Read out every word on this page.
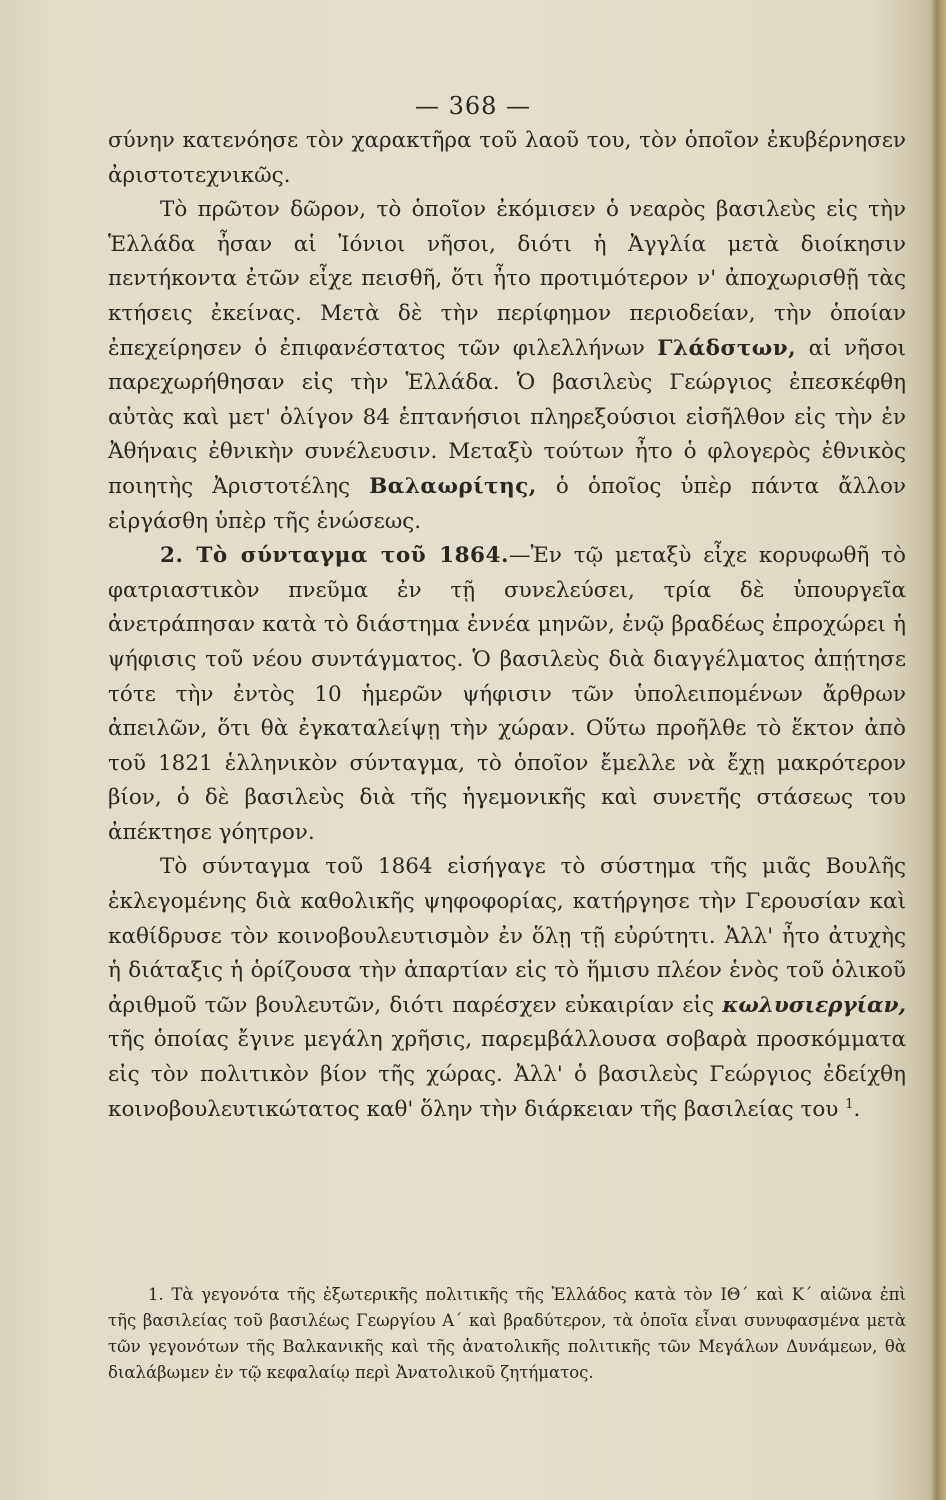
— 368 —

σύνην κατενόησε τὸν χαρακτῆρα τοῦ λαοῦ του, τὸν ὁποῖον ἐκυβέρνησεν ἀριστοτεχνικῶς.

Τὸ πρῶτον δῶρον, τὸ ὁποῖον ἐκόμισεν ὁ νεαρὸς βασιλεὺς εἰς τὴν Ἑλλάδα ἦσαν αἱ Ἰόνιοι νῆσοι, διότι ἡ Ἀγγλία μετὰ διοίκησιν πεντήκοντα ἐτῶν εἶχε πεισθῆ, ὅτι ἦτο προτιμότερον ν' ἀποχωρισθῇ τὰς κτήσεις ἐκείνας. Μετὰ δὲ τὴν περίφημον περιοδείαν, τὴν ὁποίαν ἐπεχείρησεν ὁ ἐπιφανέστατος τῶν φιλελλήνων Γλάδστων, αἱ νῆσοι παρεχωρήθησαν εἰς τὴν Ἑλλάδα. Ὁ βασιλεὺς Γεώργιος ἐπεσκέφθη αὐτὰς καὶ μετ' ὀλίγον 84 ἑπτανήσιοι πληρεξούσιοι εἰσῆλθον εἰς τὴν ἐν Ἀθήναις ἐθνικὴν συνέλευσιν. Μεταξὺ τούτων ἦτο ὁ φλογερὸς ἐθνικὸς ποιητὴς Ἀριστοτέλης Βαλαωρίτης, ὁ ὁποῖος ὑπὲρ πάντα ἄλλον εἰργάσθη ὑπὲρ τῆς ἑνώσεως.

2. Τὸ σύνταγμα τοῦ 1864.—Ἐν τῷ μεταξὺ εἶχε κορυφωθῆ τὸ φατριαστικὸν πνεῦμα ἐν τῇ συνελεύσει, τρία δὲ ὑπουργεῖα ἀνετράπησαν κατὰ τὸ διάστημα ἐννέα μηνῶν, ἐνῷ βραδέως ἐπροχώρει ἡ ψήφισις τοῦ νέου συντάγματος. Ὁ βασιλεὺς διὰ διαγγέλματος ἀπῄτησε τότε τὴν ἐντὸς 10 ἡμερῶν ψήφισιν τῶν ὑπολειπομένων ἄρθρων ἀπειλῶν, ὅτι θὰ ἐγκαταλείψῃ τὴν χώραν. Οὕτω προῆλθε τὸ ἕκτον ἀπὸ τοῦ 1821 ἑλληνικὸν σύνταγμα, τὸ ὁποῖον ἔμελλε νὰ ἔχῃ μακρότερον βίον, ὁ δὲ βασιλεὺς διὰ τῆς ἡγεμονικῆς καὶ συνετῆς στάσεως του ἀπέκτησε γόητρον.

Τὸ σύνταγμα τοῦ 1864 εἰσήγαγε τὸ σύστημα τῆς μιᾶς Βουλῆς ἐκλεγομένης διὰ καθολικῆς ψηφοφορίας, κατήργησε τὴν Γερουσίαν καὶ καθίδρυσε τὸν κοινοβουλευτισμὸν ἐν ὅλῃ τῇ εὐρύτητι. Ἀλλ' ἦτο ἀτυχὴς ἡ διάταξις ἡ ὁρίζουσα τὴν ἀπαρτίαν εἰς τὸ ἥμισυ πλέον ἑνὸς τοῦ ὁλικοῦ ἀριθμοῦ τῶν βουλευτῶν, διότι παρέσχεν εὐκαιρίαν εἰς κωλυσιεργίαν, τῆς ὁποίας ἔγινε μεγάλη χρῆσις, παρεμβάλλουσα σοβαρὰ προσκόμματα εἰς τὸν πολιτικὸν βίον τῆς χώρας. Ἀλλ' ὁ βασιλεὺς Γεώργιος ἐδείχθη κοινοβουλευτικώτατος καθ' ὅλην τὴν διάρκειαν τῆς βασιλείας του $^1$.

1. Τὰ γεγονότα τῆς ἐξωτερικῆς πολιτικῆς τῆς Ἑλλάδος κατὰ τὸν ΙΘ΄ καὶ Κ΄ αἰῶνα ἐπὶ τῆς βασιλείας τοῦ βασιλέως Γεωργίου Α΄ καὶ βραδύτερον, τὰ ὁποῖα εἶναι συνυφασμένα μετὰ τῶν γεγονότων τῆς Βαλκανικῆς καὶ τῆς ἀνατολικῆς πολιτικῆς τῶν Μεγάλων Δυνάμεων, θὰ διαλάβωμεν ἐν τῷ κεφαλαίῳ περὶ Ἀνατολικοῦ ζητήματος.
